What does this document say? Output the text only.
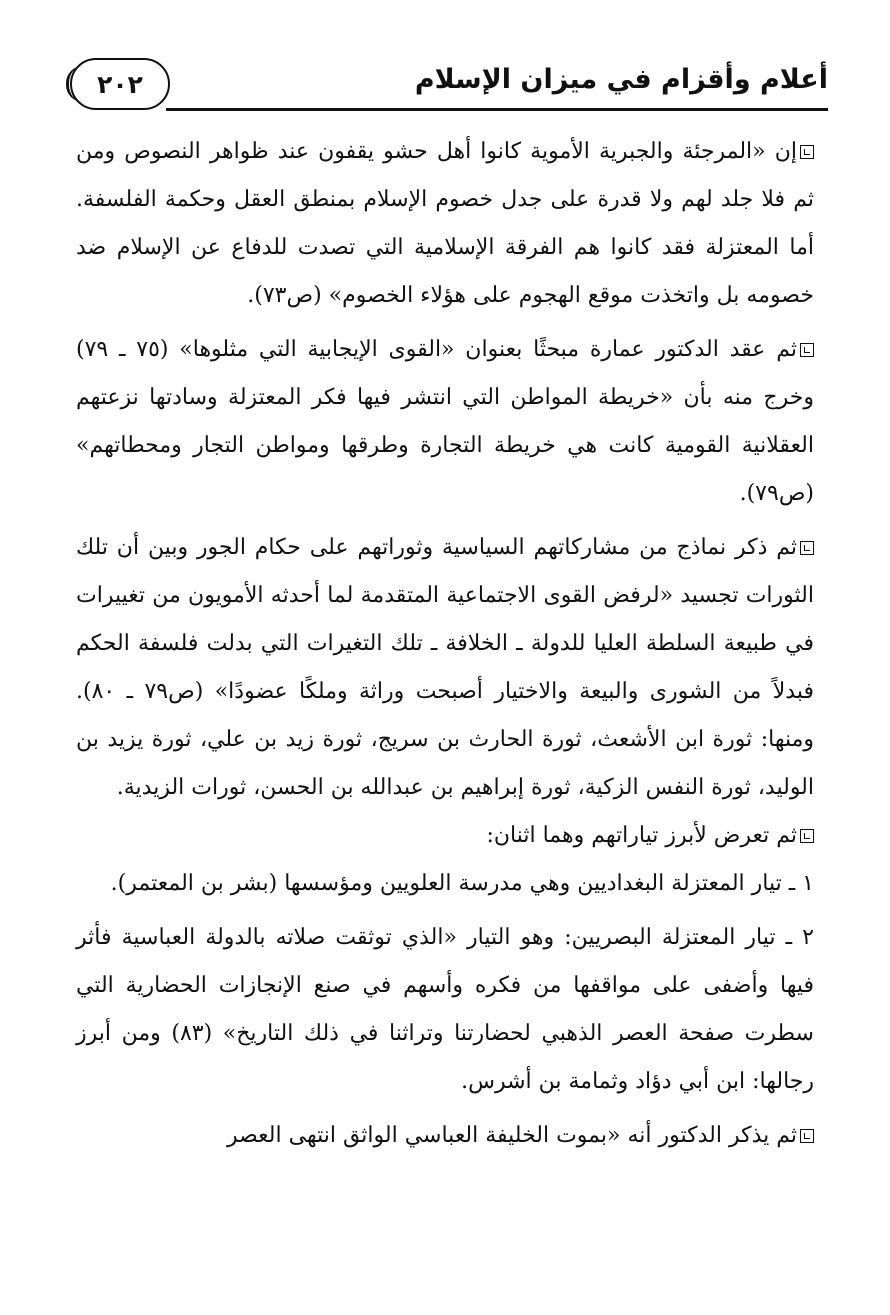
٢٠٢	أعلام وأقزام في ميزان الإسلام

إن «المرجئة والجبرية الأموية كانوا أهل حشو يقفون عند ظواهر النصوص ومن ثم فلا جلد لهم ولا قدرة على جدل خصوم الإسلام بمنطق العقل وحكمة الفلسفة. أما المعتزلة فقد كانوا هم الفرقة الإسلامية التي تصدت للدفاع عن الإسلام ضد خصومه بل واتخذت موقع الهجوم على هؤلاء الخصوم» (ص٧٣).

ثم عقد الدكتور عمارة مبحثًا بعنوان «القوى الإيجابية التي مثلوها» (٧٥ ـ ٧٩) وخرج منه بأن «خريطة المواطن التي انتشر فيها فكر المعتزلة وسادتها نزعتهم العقلانية القومية كانت هي خريطة التجارة وطرقها ومواطن التجار ومحطاتهم» (ص٧٩).

ثم ذكر نماذج من مشاركاتهم السياسية وثوراتهم على حكام الجور وبين أن تلك الثورات تجسيد «لرفض القوى الاجتماعية المتقدمة لما أحدثه الأمويون من تغييرات في طبيعة السلطة العليا للدولة ـ الخلافة ـ تلك التغيرات التي بدلت فلسفة الحكم فبدلاً من الشورى والبيعة والاختيار أصبحت وراثة وملكًا عضودًا» (ص٧٩ ـ ٨٠). ومنها: ثورة ابن الأشعث، ثورة الحارث بن سريج، ثورة زيد بن علي، ثورة يزيد بن الوليد، ثورة النفس الزكية، ثورة إبراهيم بن عبدالله بن الحسن، ثورات الزيدية.

ثم تعرض لأبرز تياراتهم وهما اثنان:

١ ـ تيار المعتزلة البغداديين وهي مدرسة العلويين ومؤسسها (بشر بن المعتمر).

٢ ـ تيار المعتزلة البصريين: وهو التيار «الذي توثقت صلاته بالدولة العباسية فأثر فيها وأضفى على مواقفها من فكره وأسهم في صنع الإنجازات الحضارية التي سطرت صفحة العصر الذهبي لحضارتنا وتراثنا في ذلك التاريخ» (٨٣) ومن أبرز رجالها: ابن أبي دؤاد وثمامة بن أشرس.

ثم يذكر الدكتور أنه «بموت الخليفة العباسي الواثق انتهى العصر
